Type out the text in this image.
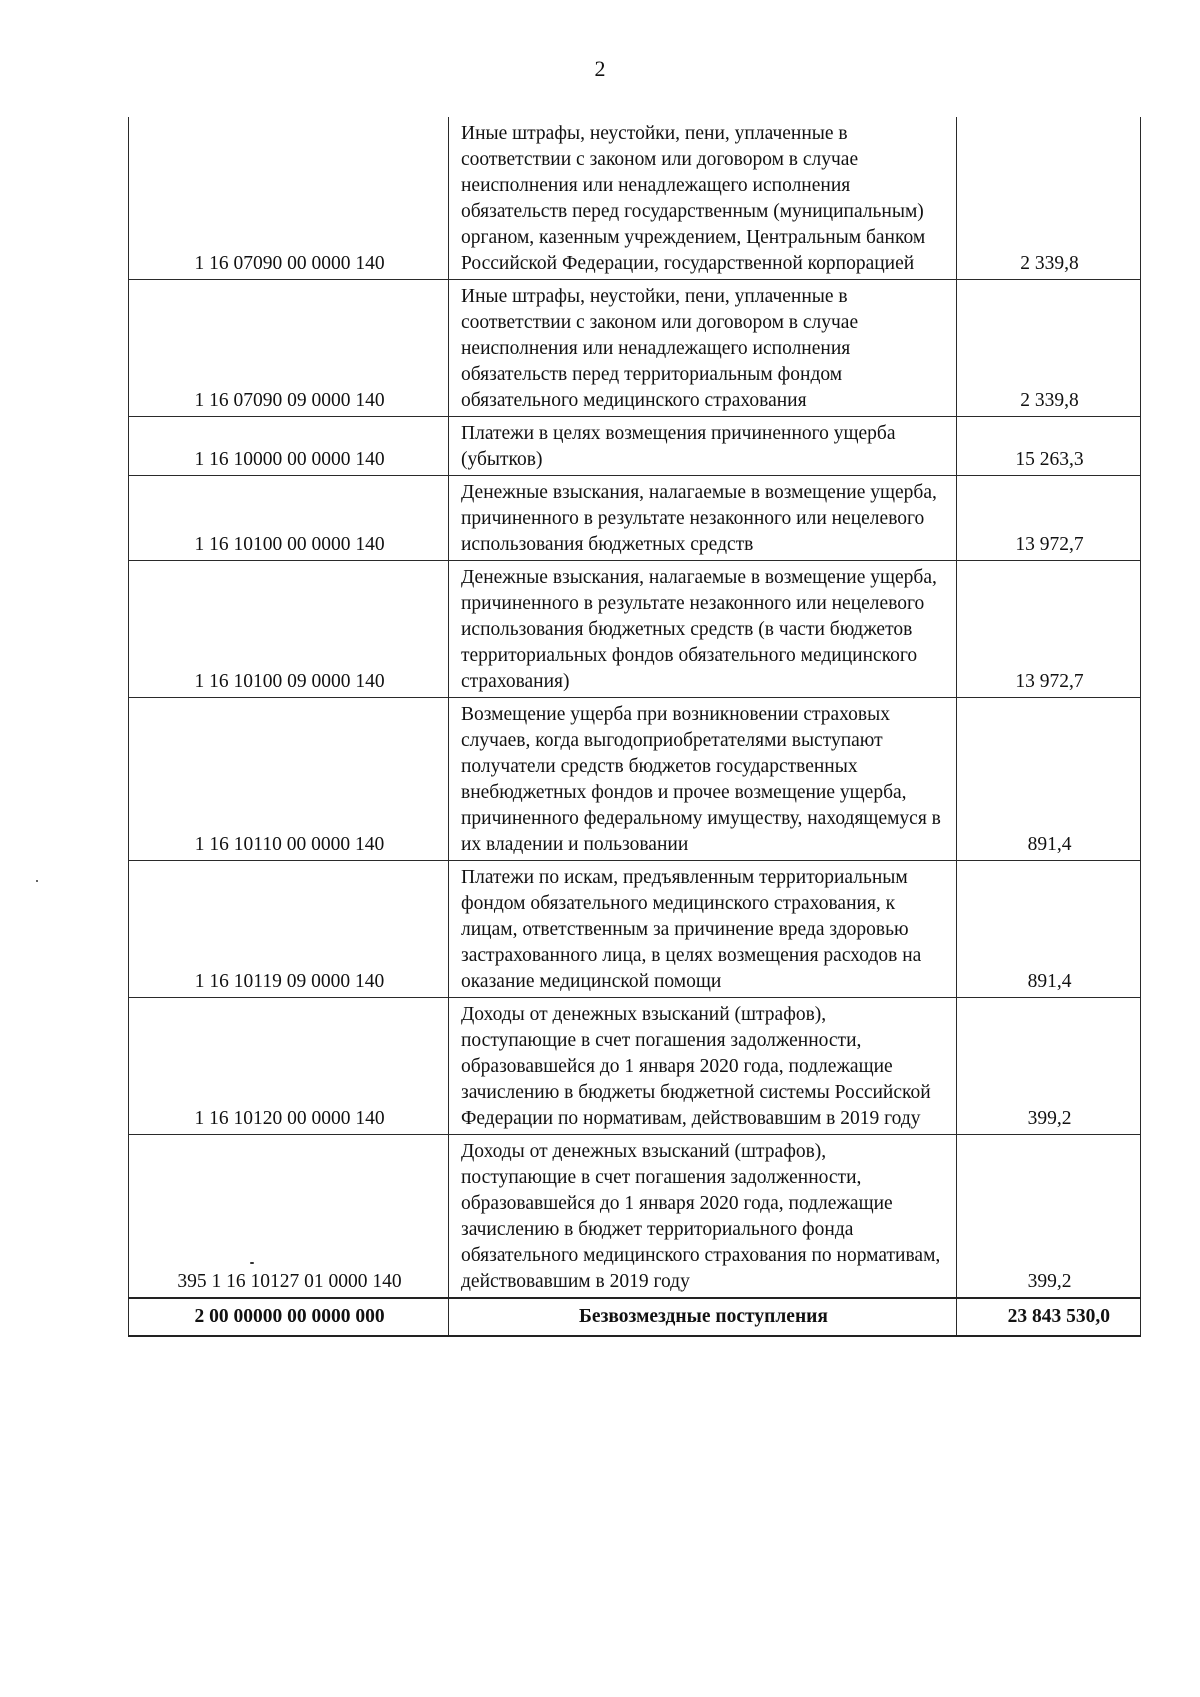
2
1 16 07090 00 0000 140	Иные штрафы, неустойки, пени, уплаченные в соответствии с законом или договором в случае неисполнения или ненадлежащего исполнения обязательств перед государственным (муниципальным) органом, казенным учреждением, Центральным банком Российской Федерации, государственной корпорацией	2 339,8
1 16 07090 09 0000 140	Иные штрафы, неустойки, пени, уплаченные в соответствии с законом или договором в случае неисполнения или ненадлежащего исполнения обязательств перед территориальным фондом обязательного медицинского страхования	2 339,8
1 16 10000 00 0000 140	Платежи в целях возмещения причиненного ущерба (убытков)	15 263,3
1 16 10100 00 0000 140	Денежные взыскания, налагаемые в возмещение ущерба, причиненного в результате незаконного или нецелевого использования бюджетных средств	13 972,7
1 16 10100 09 0000 140	Денежные взыскания, налагаемые в возмещение ущерба, причиненного в результате незаконного или нецелевого использования бюджетных средств (в части бюджетов территориальных фондов обязательного медицинского страхования)	13 972,7
1 16 10110 00 0000 140	Возмещение ущерба при возникновении страховых случаев, когда выгодоприобретателями выступают получатели средств бюджетов государственных внебюджетных фондов и прочее возмещение ущерба, причиненного федеральному имуществу, находящемуся в их владении и пользовании	891,4
1 16 10119 09 0000 140	Платежи по искам, предъявленным территориальным фондом обязательного медицинского страхования, к лицам, ответственным за причинение вреда здоровью застрахованного лица, в целях возмещения расходов на оказание медицинской помощи	891,4
1 16 10120 00 0000 140	Доходы от денежных взысканий (штрафов), поступающие в счет погашения задолженности, образовавшейся до 1 января 2020 года, подлежащие зачислению в бюджеты бюджетной системы Российской Федерации по нормативам, действовавшим в 2019 году	399,2
395 1 16 10127 01 0000 140	Доходы от денежных взысканий (штрафов), поступающие в счет погашения задолженности, образовавшейся до 1 января 2020 года, подлежащие зачислению в бюджет территориального фонда обязательного медицинского страхования по нормативам, действовавшим в 2019 году	399,2
2 00 00000 00 0000 000	Безвозмездные поступления	23 843 530,0
